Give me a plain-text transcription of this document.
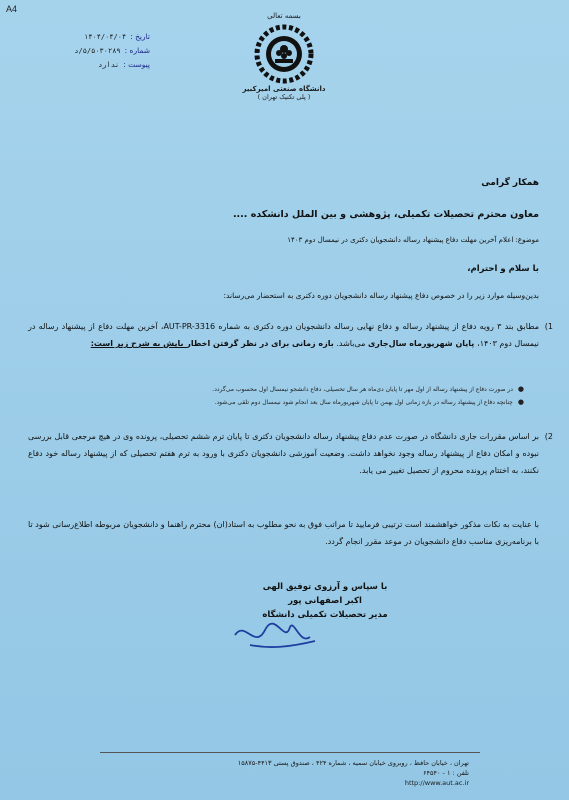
A4
تاریخ :
۱۴۰۴/۰۴/۰۴
شماره :
۵/۵۰۳۰۲۸۹/د
پیوست :
ندارد
بسمه تعالی
دانشگاه صنعتی امیرکبیر
( پلی تکنیک تهران )
همکار گرامی
معاون محترم تحصیلات تکمیلی، پژوهشی و بین الملل دانشکده ....
موضوع: اعلام آخرین مهلت دفاع پیشنهاد رساله دانشجویان دکتری در نیمسال دوم ۱۴۰۳
با سلام و احترام،
بدین‌وسیله موارد زیر را در خصوص دفاع پیشنهاد رساله دانشجویان دوره دکتری به استحضار می‌رساند:
1)
مطابق بند ۳ رویه دفاع از پیشنهاد رساله و دفاع نهایی رساله دانشجویان دوره دکتری به شماره AUT-PR-3316، آخرین مهلت دفاع از پیشنهاد رساله در نیمسال دوم ۱۴۰۳، پایان شهریورماه سال‌جاری می‌باشد. بازه زمانی برای در نظر گرفتن اخطار بایش به شرح زیر است:
●
در صورت دفاع از پیشنهاد رساله از اول مهر تا پایان دی‌ماه هر سال تحصیلی، دفاع دانشجو نیمسال اول محسوب می‌گردد.
●
چنانچه دفاع از پیشنهاد رساله در بازه زمانی اول بهمن تا پایان شهریورماه سال بعد انجام شود نیمسال دوم تلقی می‌شود.
2)
بر اساس مقررات جاری دانشگاه در صورت عدم دفاع پیشنهاد رساله دانشجویان دکتری تا پایان ترم ششم تحصیلی، پرونده وی در هیچ مرجعی قابل بررسی نبوده و امکان دفاع از پیشنهاد رساله وجود نخواهد داشت. وضعیت آموزشی دانشجویان دکتری با ورود به ترم هفتم تحصیلی که از پیشنهاد رساله خود دفاع نکنند، به اختتام پرونده محروم از تحصیل تغییر می یابد.
با عنایت به نکات مذکور خواهشمند است ترتیبی فرمایید تا مراتب فوق به نحو مطلوب به استاد(ان) محترم راهنما و دانشجویان مربوطه اطلاع‌رسانی شود تا با برنامه‌ریزی مناسب دفاع دانشجویان در موعد مقرر انجام گردد.
با سپاس و آرزوی توفیق الهی
اکبر اصفهانی پور
مدیر تحصیلات تکمیلی دانشگاه
تهران ، خیابان حافظ ، روبروی خیابان سمیه ، شماره ۴۲۴ ، صندوق پستی ۴۴۱۳-۱۵۸۷۵
تلفن : ۱ - ۶۴۵۴۰
http://www.aut.ac.ir
